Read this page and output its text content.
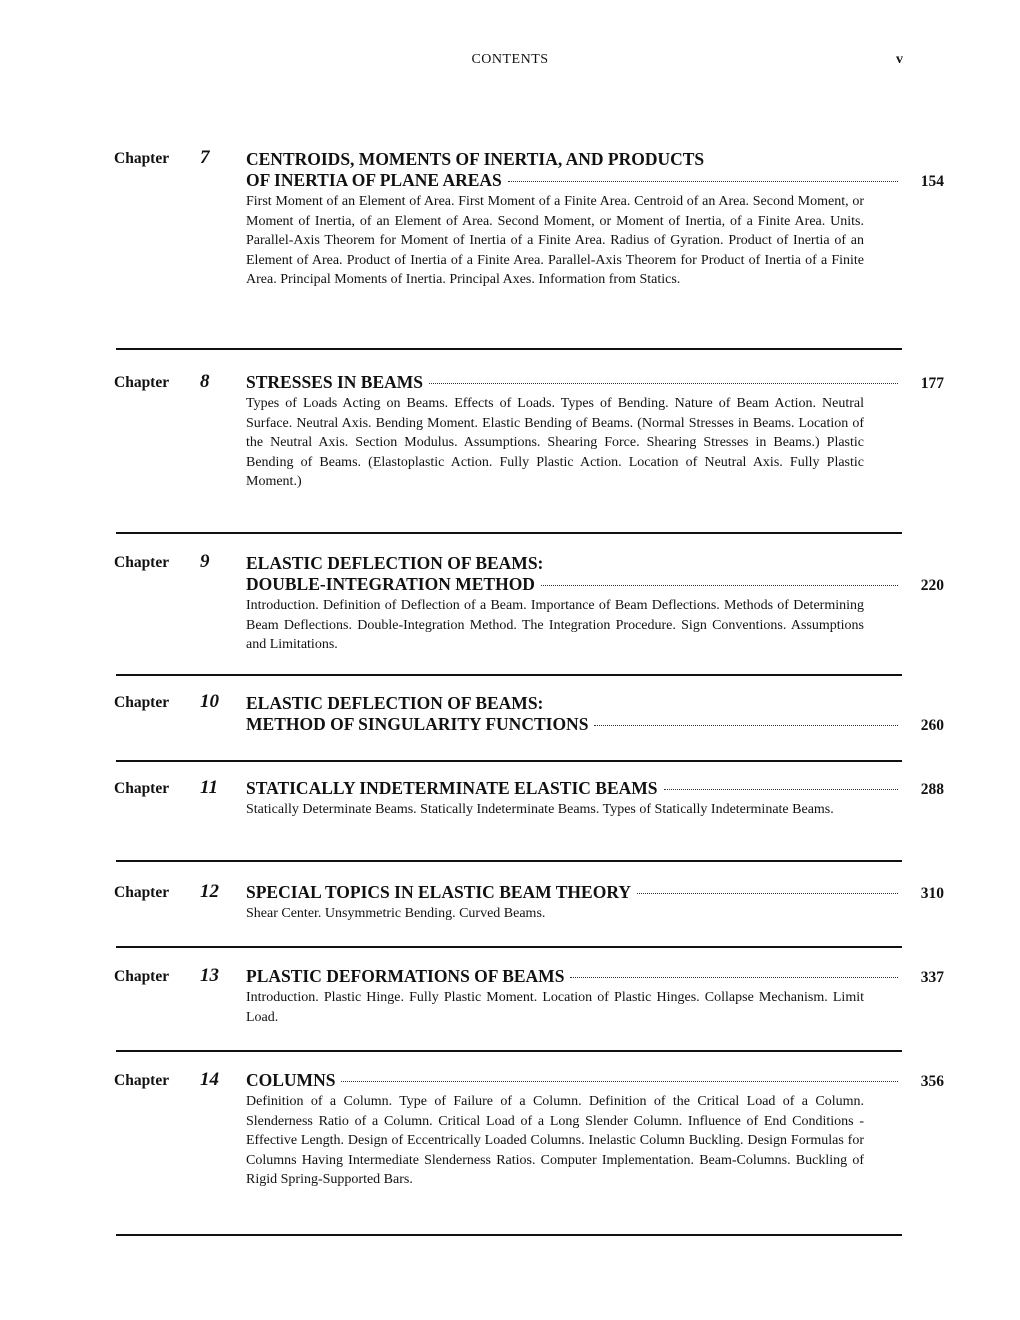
CONTENTS	v
Chapter 7 CENTROIDS, MOMENTS OF INERTIA, AND PRODUCTS
OF INERTIA OF PLANE AREAS	154
First Moment of an Element of Area. First Moment of a Finite Area. Centroid of an Area. Second Moment, or Moment of Inertia, of an Element of Area. Second Moment, or Moment of Inertia, of a Finite Area. Units. Parallel-Axis Theorem for Moment of Inertia of a Finite Area. Radius of Gyration. Product of Inertia of an Element of Area. Product of Inertia of a Finite Area. Parallel-Axis Theorem for Product of Inertia of a Finite Area. Principal Moments of Inertia. Principal Axes. Information from Statics.
Chapter 8 STRESSES IN BEAMS	177
Types of Loads Acting on Beams. Effects of Loads. Types of Bending. Nature of Beam Action. Neutral Surface. Neutral Axis. Bending Moment. Elastic Bending of Beams. (Normal Stresses in Beams. Location of the Neutral Axis. Section Modulus. Assumptions. Shearing Force. Shearing Stresses in Beams.) Plastic Bending of Beams. (Elastoplastic Action. Fully Plastic Action. Location of Neutral Axis. Fully Plastic Moment.)
Chapter 9 ELASTIC DEFLECTION OF BEAMS:
DOUBLE-INTEGRATION METHOD	220
Introduction. Definition of Deflection of a Beam. Importance of Beam Deflections. Methods of Determining Beam Deflections. Double-Integration Method. The Integration Procedure. Sign Conventions. Assumptions and Limitations.
Chapter 10 ELASTIC DEFLECTION OF BEAMS:
METHOD OF SINGULARITY FUNCTIONS	260
Chapter 11 STATICALLY INDETERMINATE ELASTIC BEAMS	288
Statically Determinate Beams. Statically Indeterminate Beams. Types of Statically Indeterminate Beams.
Chapter 12 SPECIAL TOPICS IN ELASTIC BEAM THEORY	310
Shear Center. Unsymmetric Bending. Curved Beams.
Chapter 13 PLASTIC DEFORMATIONS OF BEAMS	337
Introduction. Plastic Hinge. Fully Plastic Moment. Location of Plastic Hinges. Collapse Mechanism. Limit Load.
Chapter 14 COLUMNS	356
Definition of a Column. Type of Failure of a Column. Definition of the Critical Load of a Column. Slenderness Ratio of a Column. Critical Load of a Long Slender Column. Influence of End Conditions - Effective Length. Design of Eccentrically Loaded Columns. Inelastic Column Buckling. Design Formulas for Columns Having Intermediate Slenderness Ratios. Computer Implementation. Beam-Columns. Buckling of Rigid Spring-Supported Bars.
